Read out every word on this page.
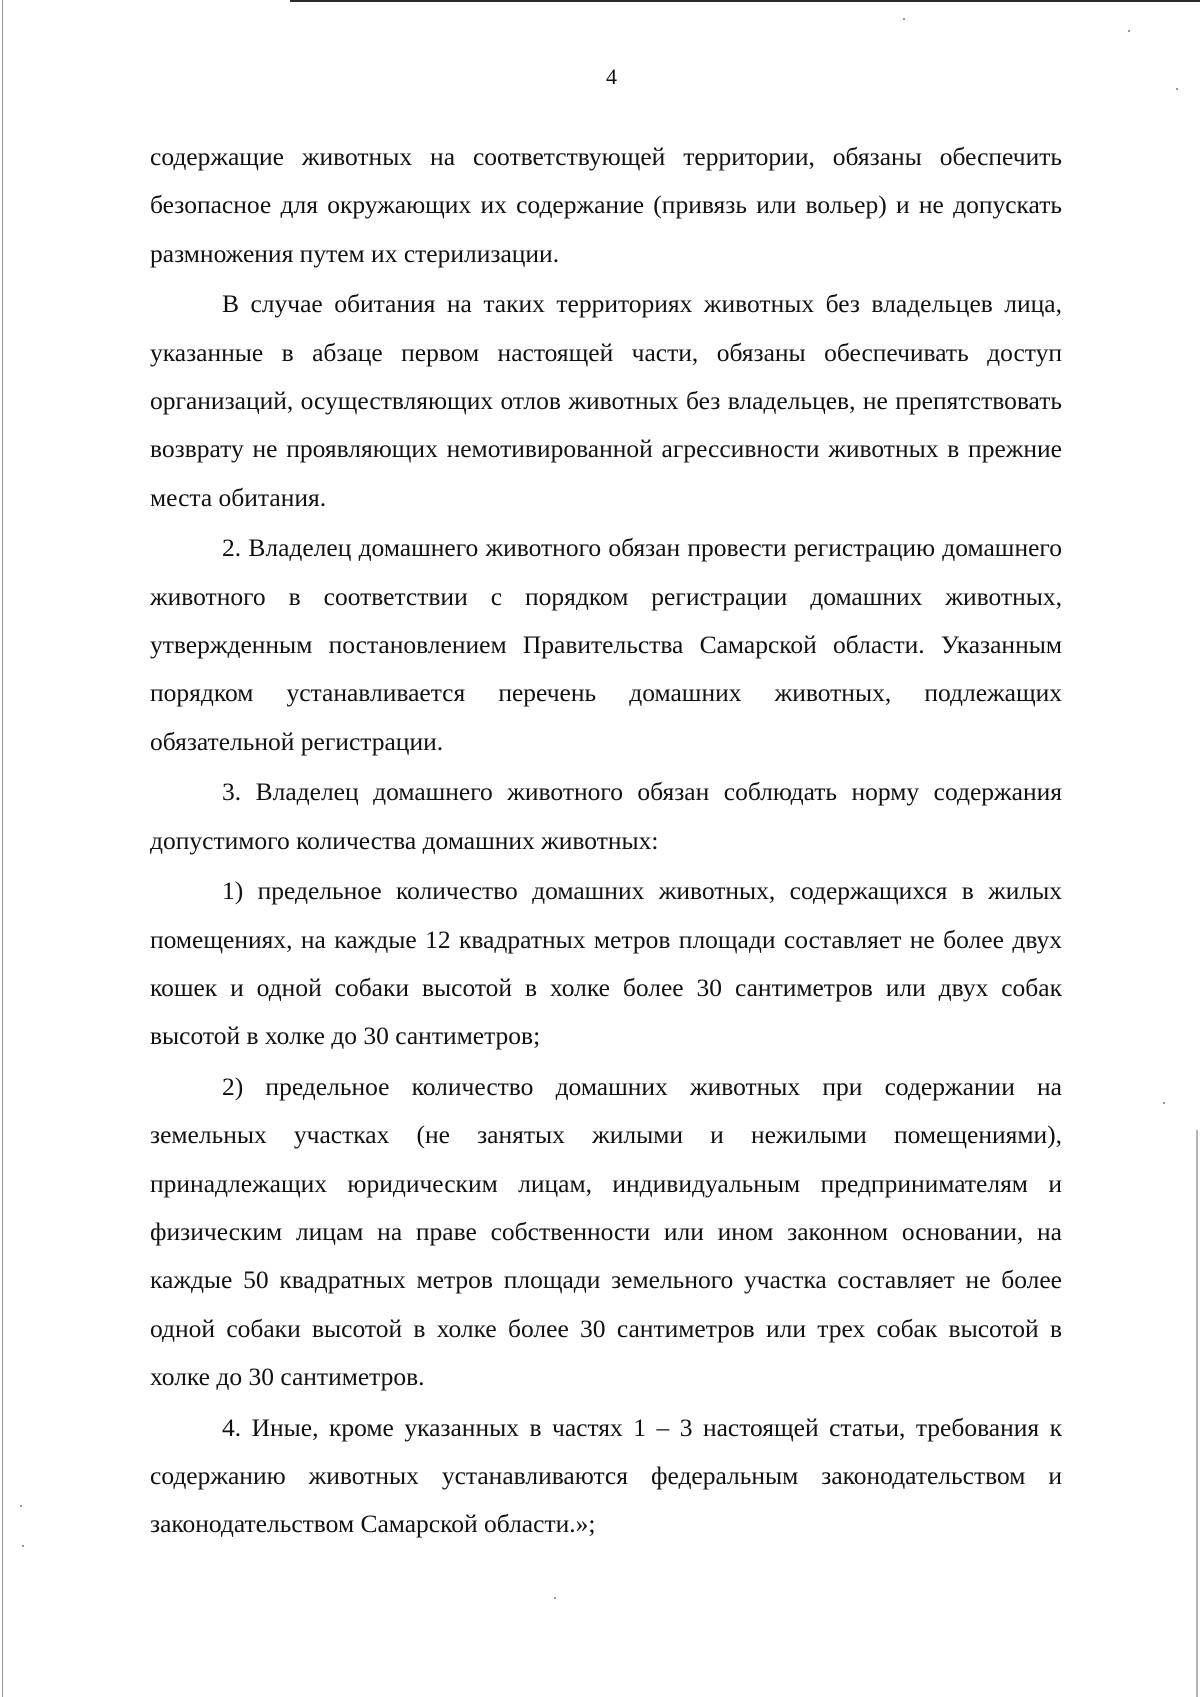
4

содержащие животных на соответствующей территории, обязаны обеспечить безопасное для окружающих их содержание (привязь или вольер) и не допускать размножения путем их стерилизации.

В случае обитания на таких территориях животных без владельцев лица, указанные в абзаце первом настоящей части, обязаны обеспечивать доступ организаций, осуществляющих отлов животных без владельцев, не препятствовать возврату не проявляющих немотивированной агрессивности животных в прежние места обитания.

2. Владелец домашнего животного обязан провести регистрацию домашнего животного в соответствии с порядком регистрации домашних животных, утвержденным постановлением Правительства Самарской области. Указанным порядком устанавливается перечень домашних животных, подлежащих обязательной регистрации.

3. Владелец домашнего животного обязан соблюдать норму содержания допустимого количества домашних животных:

1) предельное количество домашних животных, содержащихся в жилых помещениях, на каждые 12 квадратных метров площади составляет не более двух кошек и одной собаки высотой в холке более 30 сантиметров или двух собак высотой в холке до 30 сантиметров;

2) предельное количество домашних животных при содержании на земельных участках (не занятых жилыми и нежилыми помещениями), принадлежащих юридическим лицам, индивидуальным предпринимателям и физическим лицам на праве собственности или ином законном основании, на каждые 50 квадратных метров площади земельного участка составляет не более одной собаки высотой в холке более 30 сантиметров или трех собак высотой в холке до 30 сантиметров.

4. Иные, кроме указанных в частях 1 – 3 настоящей статьи, требования к содержанию животных устанавливаются федеральным законодательством и законодательством Самарской области.»;
